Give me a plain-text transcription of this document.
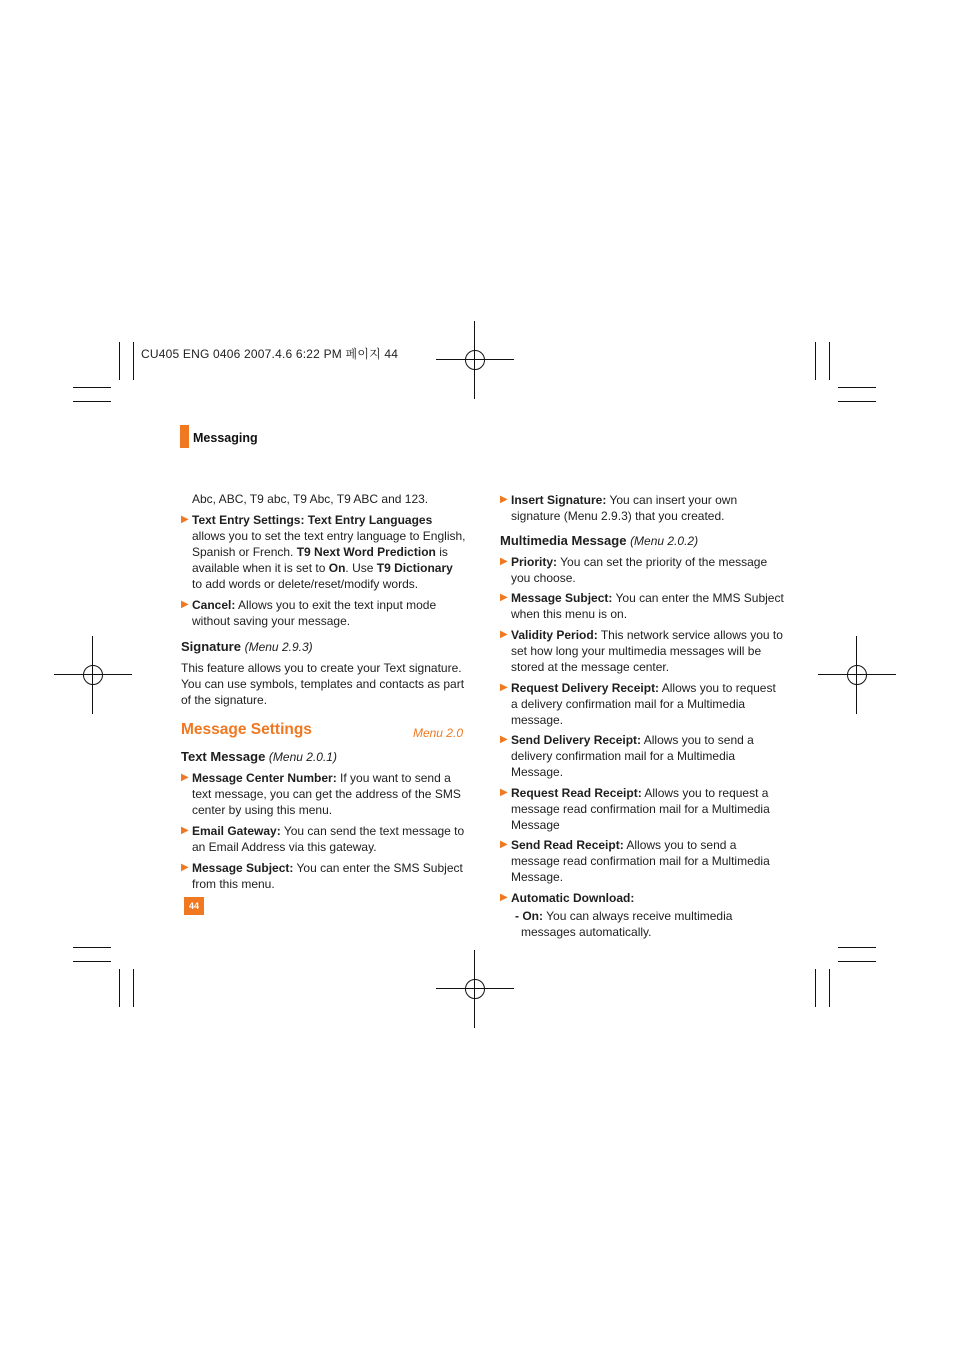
CU405 ENG 0406 2007.4.6 6:22 PM 페이지 44
Messaging

Abc, ABC, T9 abc, T9 Abc, T9 ABC and 123.

▶ Text Entry Settings: Text Entry Languages allows you to set the text entry language to English, Spanish or French. T9 Next Word Prediction is available when it is set to On. Use T9 Dictionary to add words or delete/reset/modify words.

▶ Cancel: Allows you to exit the text input mode without saving your message.

Signature (Menu 2.9.3)

This feature allows you to create your Text signature. You can use symbols, templates and contacts as part of the signature.

Message Settings	Menu 2.0

Text Message (Menu 2.0.1)

▶ Message Center Number: If you want to send a text message, you can get the address of the SMS center by using this menu.

▶ Email Gateway: You can send the text message to an Email Address via this gateway.

▶ Message Subject: You can enter the SMS Subject from this menu.

44

▶ Insert Signature: You can insert your own signature (Menu 2.9.3) that you created.

Multimedia Message (Menu 2.0.2)

▶ Priority: You can set the priority of the message you choose.

▶ Message Subject: You can enter the MMS Subject when this menu is on.

▶ Validity Period: This network service allows you to set how long your multimedia messages will be stored at the message center.

▶ Request Delivery Receipt: Allows you to request a delivery confirmation mail for a Multimedia message.

▶ Send Delivery Receipt: Allows you to send a delivery confirmation mail for a Multimedia Message.

▶ Request Read Receipt: Allows you to request a message read confirmation mail for a Multimedia Message

▶ Send Read Receipt: Allows you to send a message read confirmation mail for a Multimedia Message.

▶ Automatic Download:

- On: You can always receive multimedia messages automatically.
